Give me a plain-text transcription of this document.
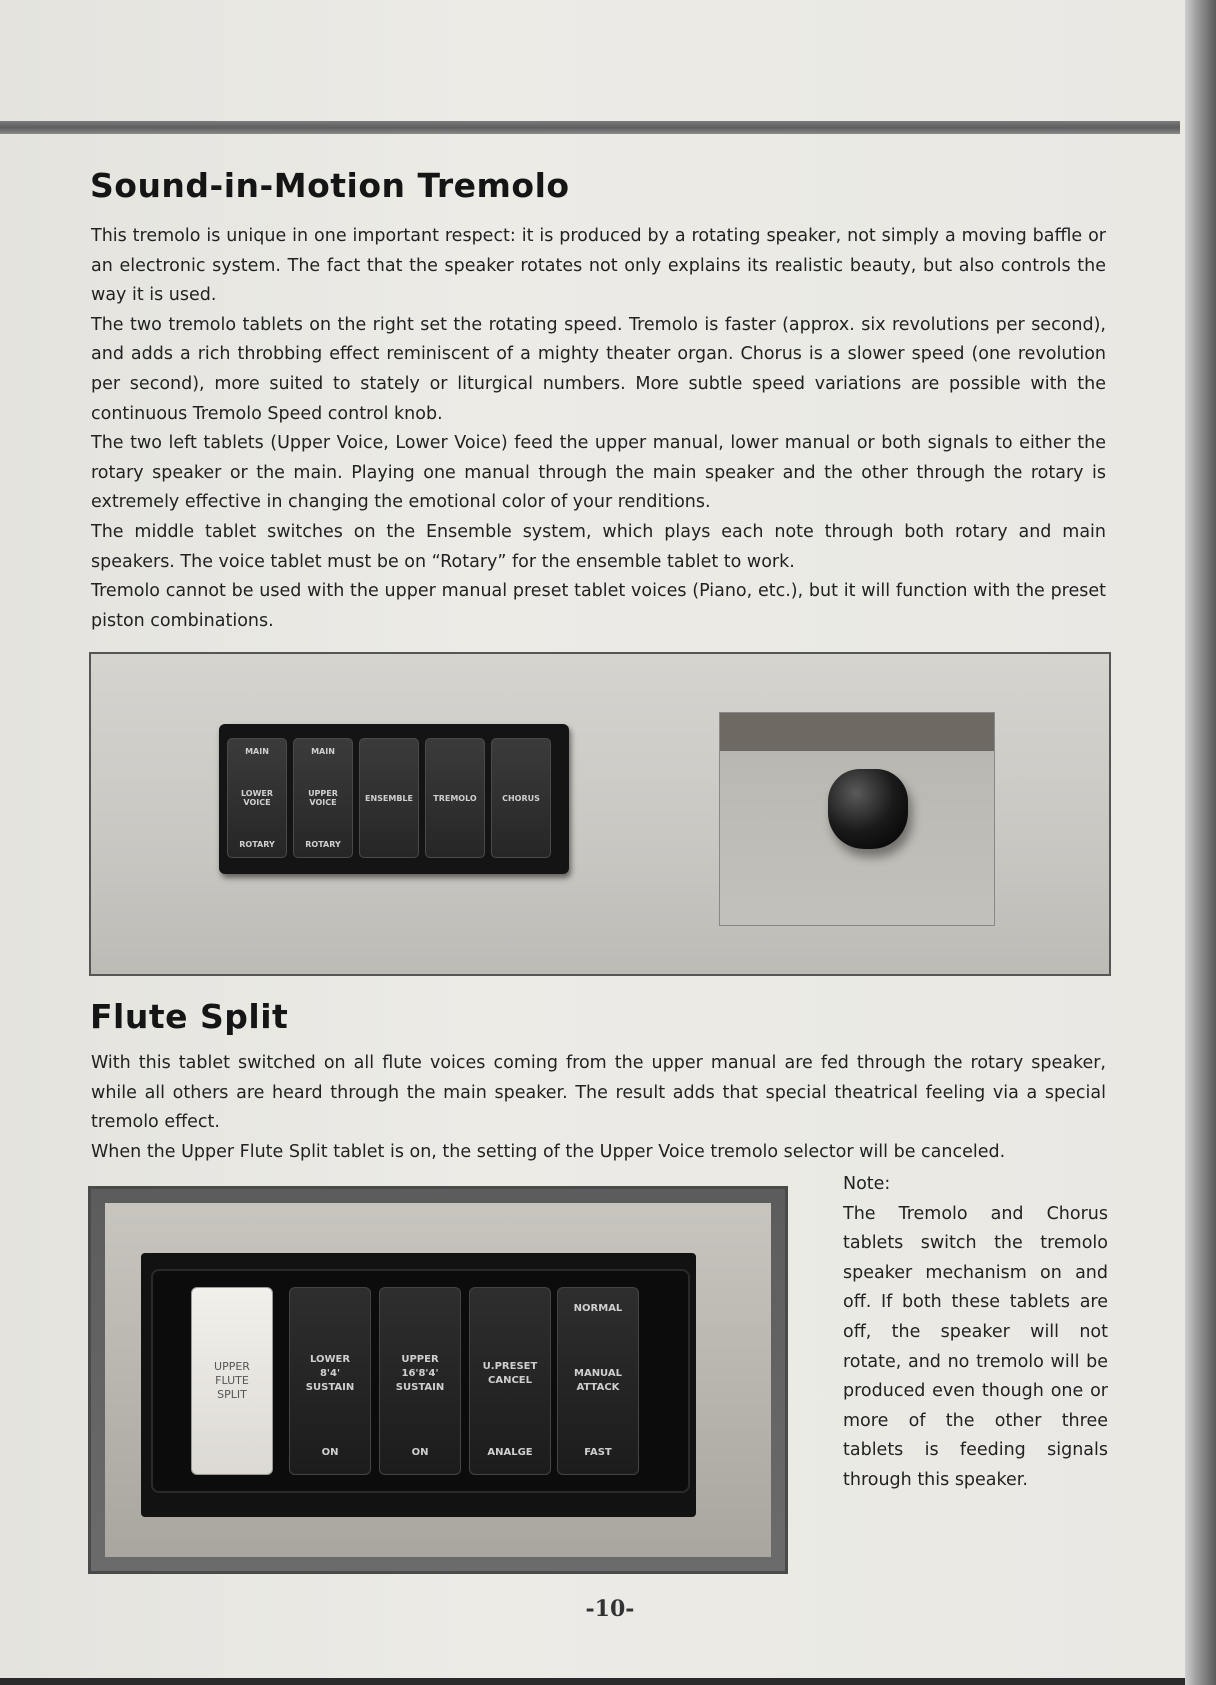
Sound-in-Motion Tremolo

This tremolo is unique in one important respect: it is produced by a rotating speaker, not simply a moving baffle or an electronic system. The fact that the speaker rotates not only explains its realistic beauty, but also controls the way it is used.

The two tremolo tablets on the right set the rotating speed. Tremolo is faster (approx. six revolutions per second), and adds a rich throbbing effect reminiscent of a mighty theater organ. Chorus is a slower speed (one revolution per second), more suited to stately or liturgical numbers. More subtle speed variations are possible with the continuous Tremolo Speed control knob.

The two left tablets (Upper Voice, Lower Voice) feed the upper manual, lower manual or both signals to either the rotary speaker or the main. Playing one manual through the main speaker and the other through the rotary is extremely effective in changing the emotional color of your renditions.

The middle tablet switches on the Ensemble system, which plays each note through both rotary and main speakers. The voice tablet must be on “Rotary” for the ensemble tablet to work.

Tremolo cannot be used with the upper manual preset tablet voices (Piano, etc.), but it will function with the preset piston combinations.

MAIN
LOWER
VOICE
ROTARY
MAIN
UPPER
VOICE
ROTARY
ENSEMBLE	TREMOLO	CHORUS
Flute Split

With this tablet switched on all flute voices coming from the upper manual are fed through the rotary speaker, while all others are heard through the main speaker. The result adds that special theatrical feeling via a special tremolo effect.

When the Upper Flute Split tablet is on, the setting of the Upper Voice tremolo selector will be canceled.

UPPER
FLUTE
SPLIT
LOWER
8'4'
SUSTAIN
ON
UPPER
16'8'4'
SUSTAIN
ON
U.PRESET
CANCEL
ANALGE
NORMAL
MANUAL
ATTACK
FAST

Note:

The Tremolo and Chorus tablets switch the tremolo speaker mechanism on and off. If both these tablets are off, the speaker will not rotate, and no tremolo will be produced even though one or more of the other three tablets is feeding signals through this speaker.

-10-
